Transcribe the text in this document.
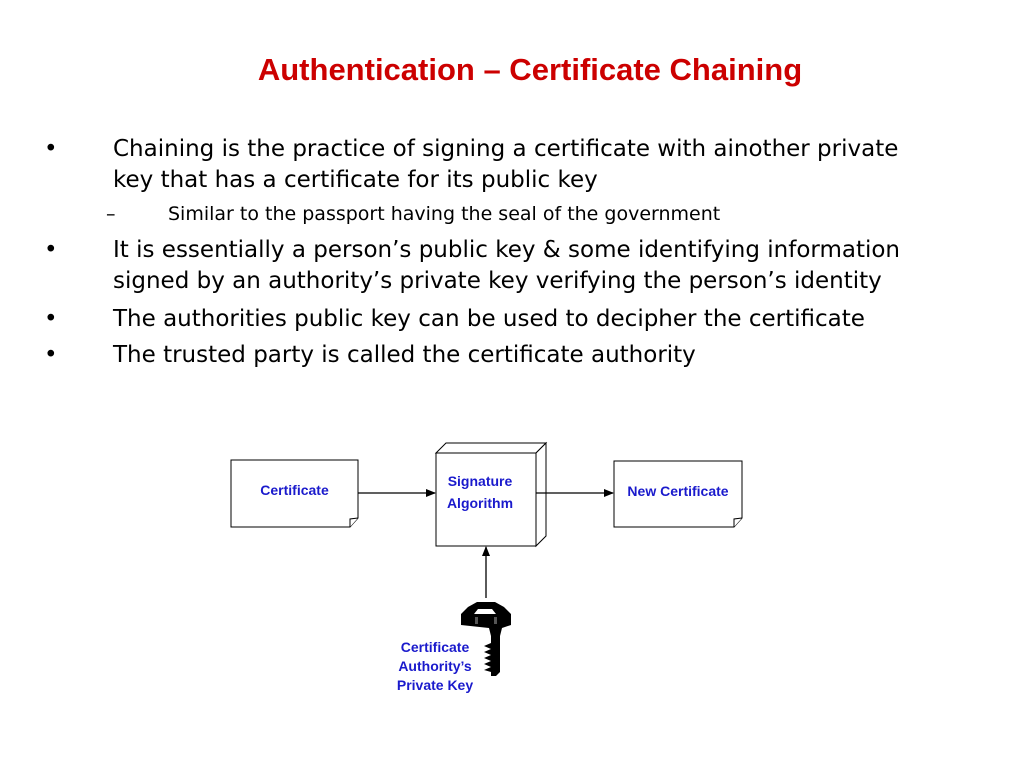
Authentication – Certificate Chaining
• Chaining is the practice of signing a certificate with ainother private
key that has a certificate for its public key
–	Similar to the passport having the seal of the government
• It is essentially a person’s public key & some identifying information
signed by an authority’s private key verifying the person’s identity
• The authorities public key can be used to decipher the certificate
• The trusted party is called the certificate authority
Certificate
Signature
Algorithm
New Certificate
Certificate
Authority’s
Private Key
